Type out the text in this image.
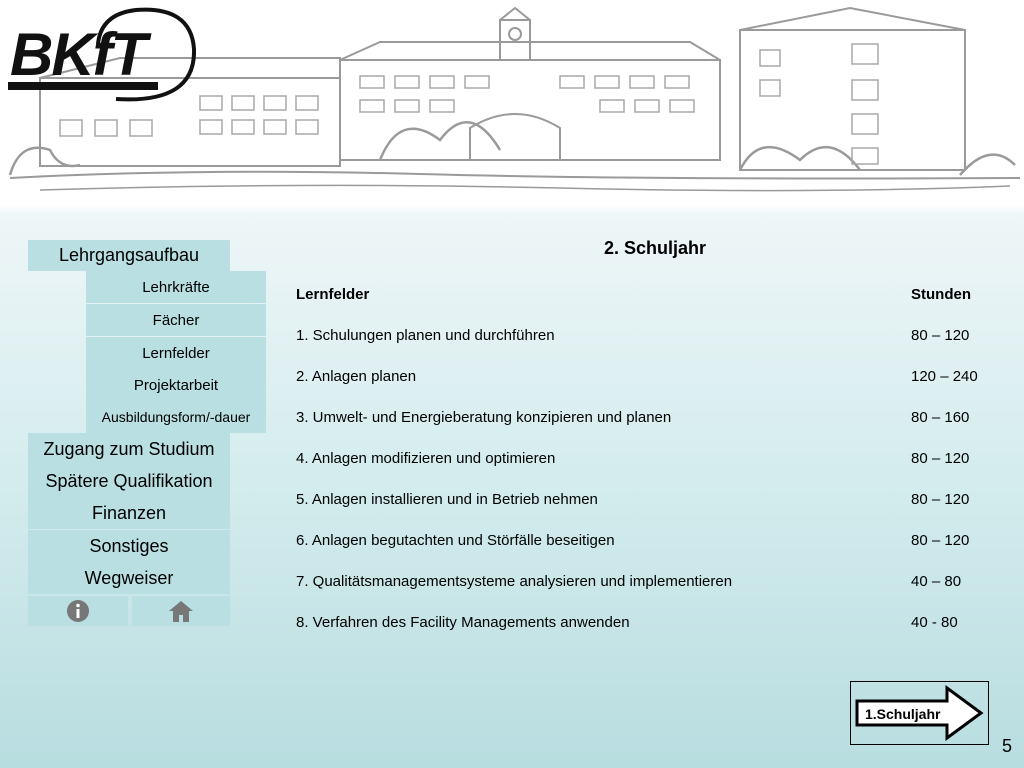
BKfT
Lehrgangsaufbau
Lehrkräfte
Fächer
Lernfelder
Projektarbeit
Ausbildungsform/-dauer
Zugang zum Studium
Spätere Qualifikation
Finanzen
Sonstiges
Wegweiser
2. Schuljahr
Lernfelder	Stunden
1. Schulungen planen und durchführen	80 – 120
2. Anlagen planen	120 – 240
3. Umwelt- und Energieberatung konzipieren und planen	80 – 160
4. Anlagen modifizieren und optimieren	80 – 120
5. Anlagen installieren und in Betrieb nehmen	80 – 120
6. Anlagen begutachten und Störfälle beseitigen	80 – 120
7. Qualitätsmanagementsysteme analysieren und implementieren	40 – 80
8. Verfahren des Facility Managements anwenden	40 - 80
1.Schuljahr
5
